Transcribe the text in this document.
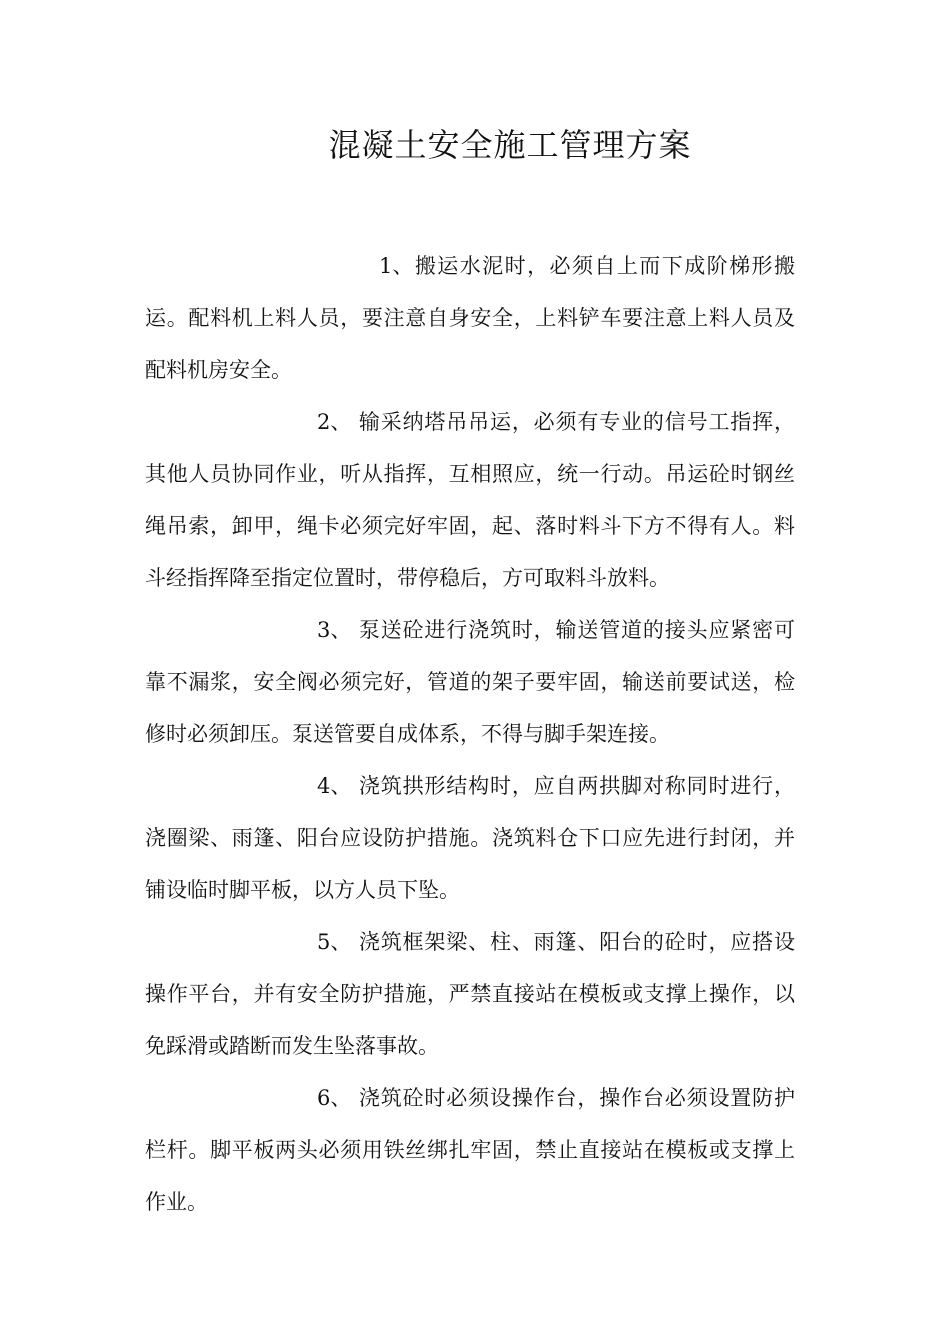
混凝土安全施工管理方案

1、搬运水泥时，必须自上而下成阶梯形搬运。配料机上料人员，要注意自身安全，上料铲车要注意上料人员及配料机房安全。

2、 输采纳塔吊吊运，必须有专业的信号工指挥，其他人员协同作业，听从指挥，互相照应，统一行动。吊运砼时钢丝绳吊索，卸甲，绳卡必须完好牢固，起、落时料斗下方不得有人。料斗经指挥降至指定位置时，带停稳后，方可取料斗放料。

3、 泵送砼进行浇筑时，输送管道的接头应紧密可靠不漏浆，安全阀必须完好，管道的架子要牢固，输送前要试送，检修时必须卸压。泵送管要自成体系，不得与脚手架连接。

4、 浇筑拱形结构时，应自两拱脚对称同时进行，浇圈梁、雨篷、阳台应设防护措施。浇筑料仓下口应先进行封闭，并铺设临时脚平板，以方人员下坠。

5、 浇筑框架梁、柱、雨篷、阳台的砼时，应搭设操作平台，并有安全防护措施，严禁直接站在模板或支撑上操作，以免踩滑或踏断而发生坠落事故。

6、 浇筑砼时必须设操作台，操作台必须设置防护栏杆。脚平板两头必须用铁丝绑扎牢固，禁止直接站在模板或支撑上作业。
